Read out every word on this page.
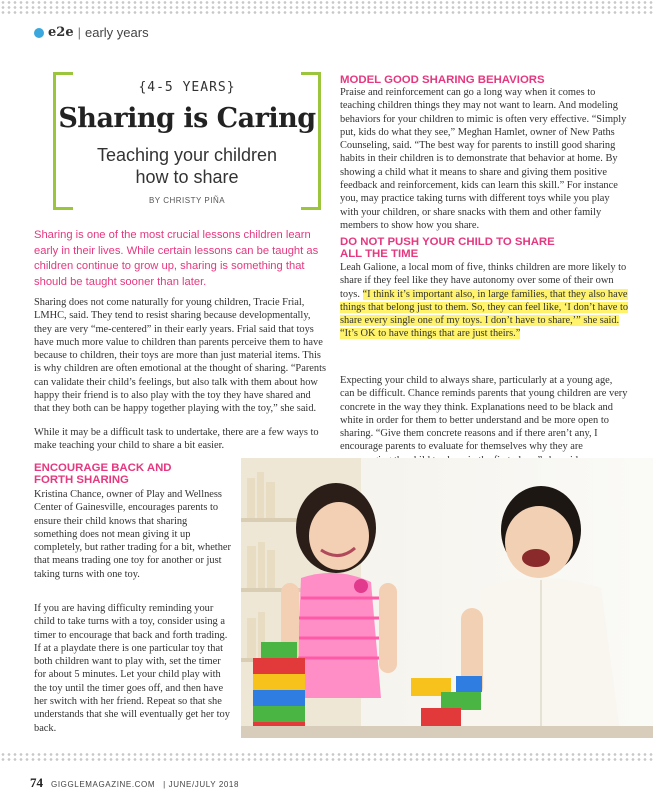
e2e | early years
{4-5 YEARS}
Sharing is Caring
Teaching your children
how to share
BY CHRISTY PIÑA

Sharing is one of the most crucial lessons children learn early in their lives. While certain lessons can be taught as children continue to grow up, sharing is something that should be taught sooner than later.

Sharing does not come naturally for young children, Tracie Frial, LMHC, said. They tend to resist sharing because developmentally, they are very “me-centered” in their early years. Frial said that toys have much more value to children than parents perceive them to have because to children, their toys are more than just material items. This is why children are often emotional at the thought of sharing. “Parents can validate their child’s feelings, but also talk with them about how happy their friend is to also play with the toy they have shared and that they both can be happy together playing with the toy,” she said.

While it may be a difficult task to undertake, there are a few ways to make teaching your child to share a bit easier.

ENCOURAGE BACK AND
FORTH SHARING

Kristina Chance, owner of Play and Wellness Center of Gainesville, encourages parents to ensure their child knows that sharing something does not mean giving it up completely, but rather trading for a bit, whether that means trading one toy for another or just taking turns with one toy.

If you are having difficulty reminding your child to take turns with a toy, consider using a timer to encourage that back and forth trading. If at a playdate there is one particular toy that both children want to play with, set the timer for about 5 minutes. Let your child play with the toy until the timer goes off, and then have her switch with her friend. Repeat so that she understands that she will eventually get her toy back.

MODEL GOOD SHARING BEHAVIORS

Praise and reinforcement can go a long way when it comes to teaching children things they may not want to learn. And modeling behaviors for your children to mimic is often very effective. “Simply put, kids do what they see,” Meghan Hamlet, owner of New Paths Counseling, said. “The best way for parents to instill good sharing habits in their children is to demonstrate that behavior at home. By showing a child what it means to share and giving them positive feedback and reinforcement, kids can learn this skill.” For instance you, may practice taking turns with different toys while you play with your children, or share snacks with them and other family members to show how you share.

DO NOT PUSH YOUR CHILD TO SHARE
ALL THE TIME

Leah Galione, a local mom of five, thinks children are more likely to share if they feel like they have autonomy over some of their own toys. “I think it’s important also, in large families, that they also have things that belong just to them. So, they can feel like, ‘I don’t have to share every single one of my toys. I don’t have to share,’” she said. “It’s OK to have things that are just theirs.”

Expecting your child to always share, particularly at a young age, can be difficult. Chance reminds parents that young children are very concrete in the way they think. Explanations need to be black and white in order for them to better understand and be more open to sharing. “Give them concrete reasons and if there aren’t any, I encourage parents to evaluate for themselves why they are

74 GIGGLEMAGAZINE.COM | JUNE/JULY 2018
